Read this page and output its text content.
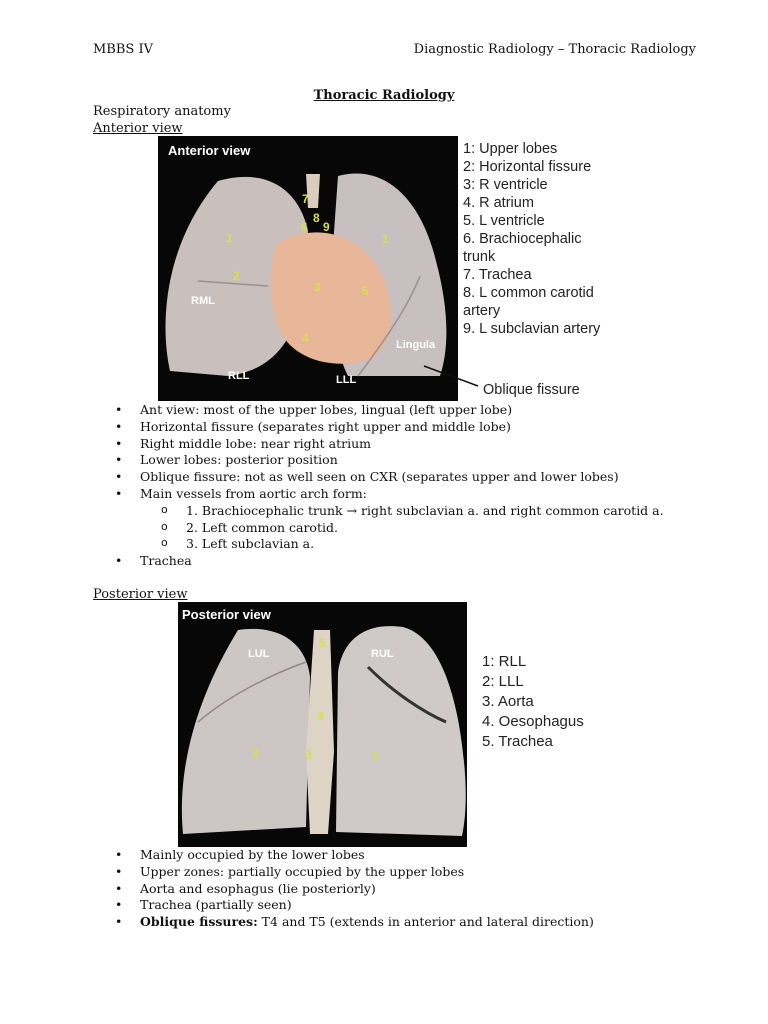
MBBS IV	Diagnostic Radiology – Thoracic Radiology
Thoracic Radiology
Respiratory anatomy
Anterior view
Anterior view
1
2
3
4
5
6
7
8
9
1
RML
RLL	LLL
Lingula
1: Upper lobes
2: Horizontal fissure
3: R ventricle
4. R atrium
5. L ventricle
6. Brachiocephalic
trunk
7. Trachea
8. L common carotid
artery
9. L subclavian artery
Oblique fissure
• Ant view: most of the upper lobes, lingual (left upper lobe)
• Horizontal fissure (separates right upper and middle lobe)
• Right middle lobe: near right atrium
• Lower lobes: posterior position
• Oblique fissure: not as well seen on CXR (separates upper and lower lobes)
• Main vessels from aortic arch form:
o 1. Brachiocephalic trunk → right subclavian a. and right common carotid a.
o 2. Left common carotid.
o 3. Left subclavian a.
• Trachea
Posterior view
Posterior view
5
4
3
2	1
LUL	RUL	1: RLL
2: LLL
3. Aorta
4. Oesophagus
5. Trachea
• Mainly occupied by the lower lobes
• Upper zones: partially occupied by the upper lobes
• Aorta and esophagus (lie posteriorly)
• Trachea (partially seen)
• Oblique fissures: T4 and T5 (extends in anterior and lateral direction)
